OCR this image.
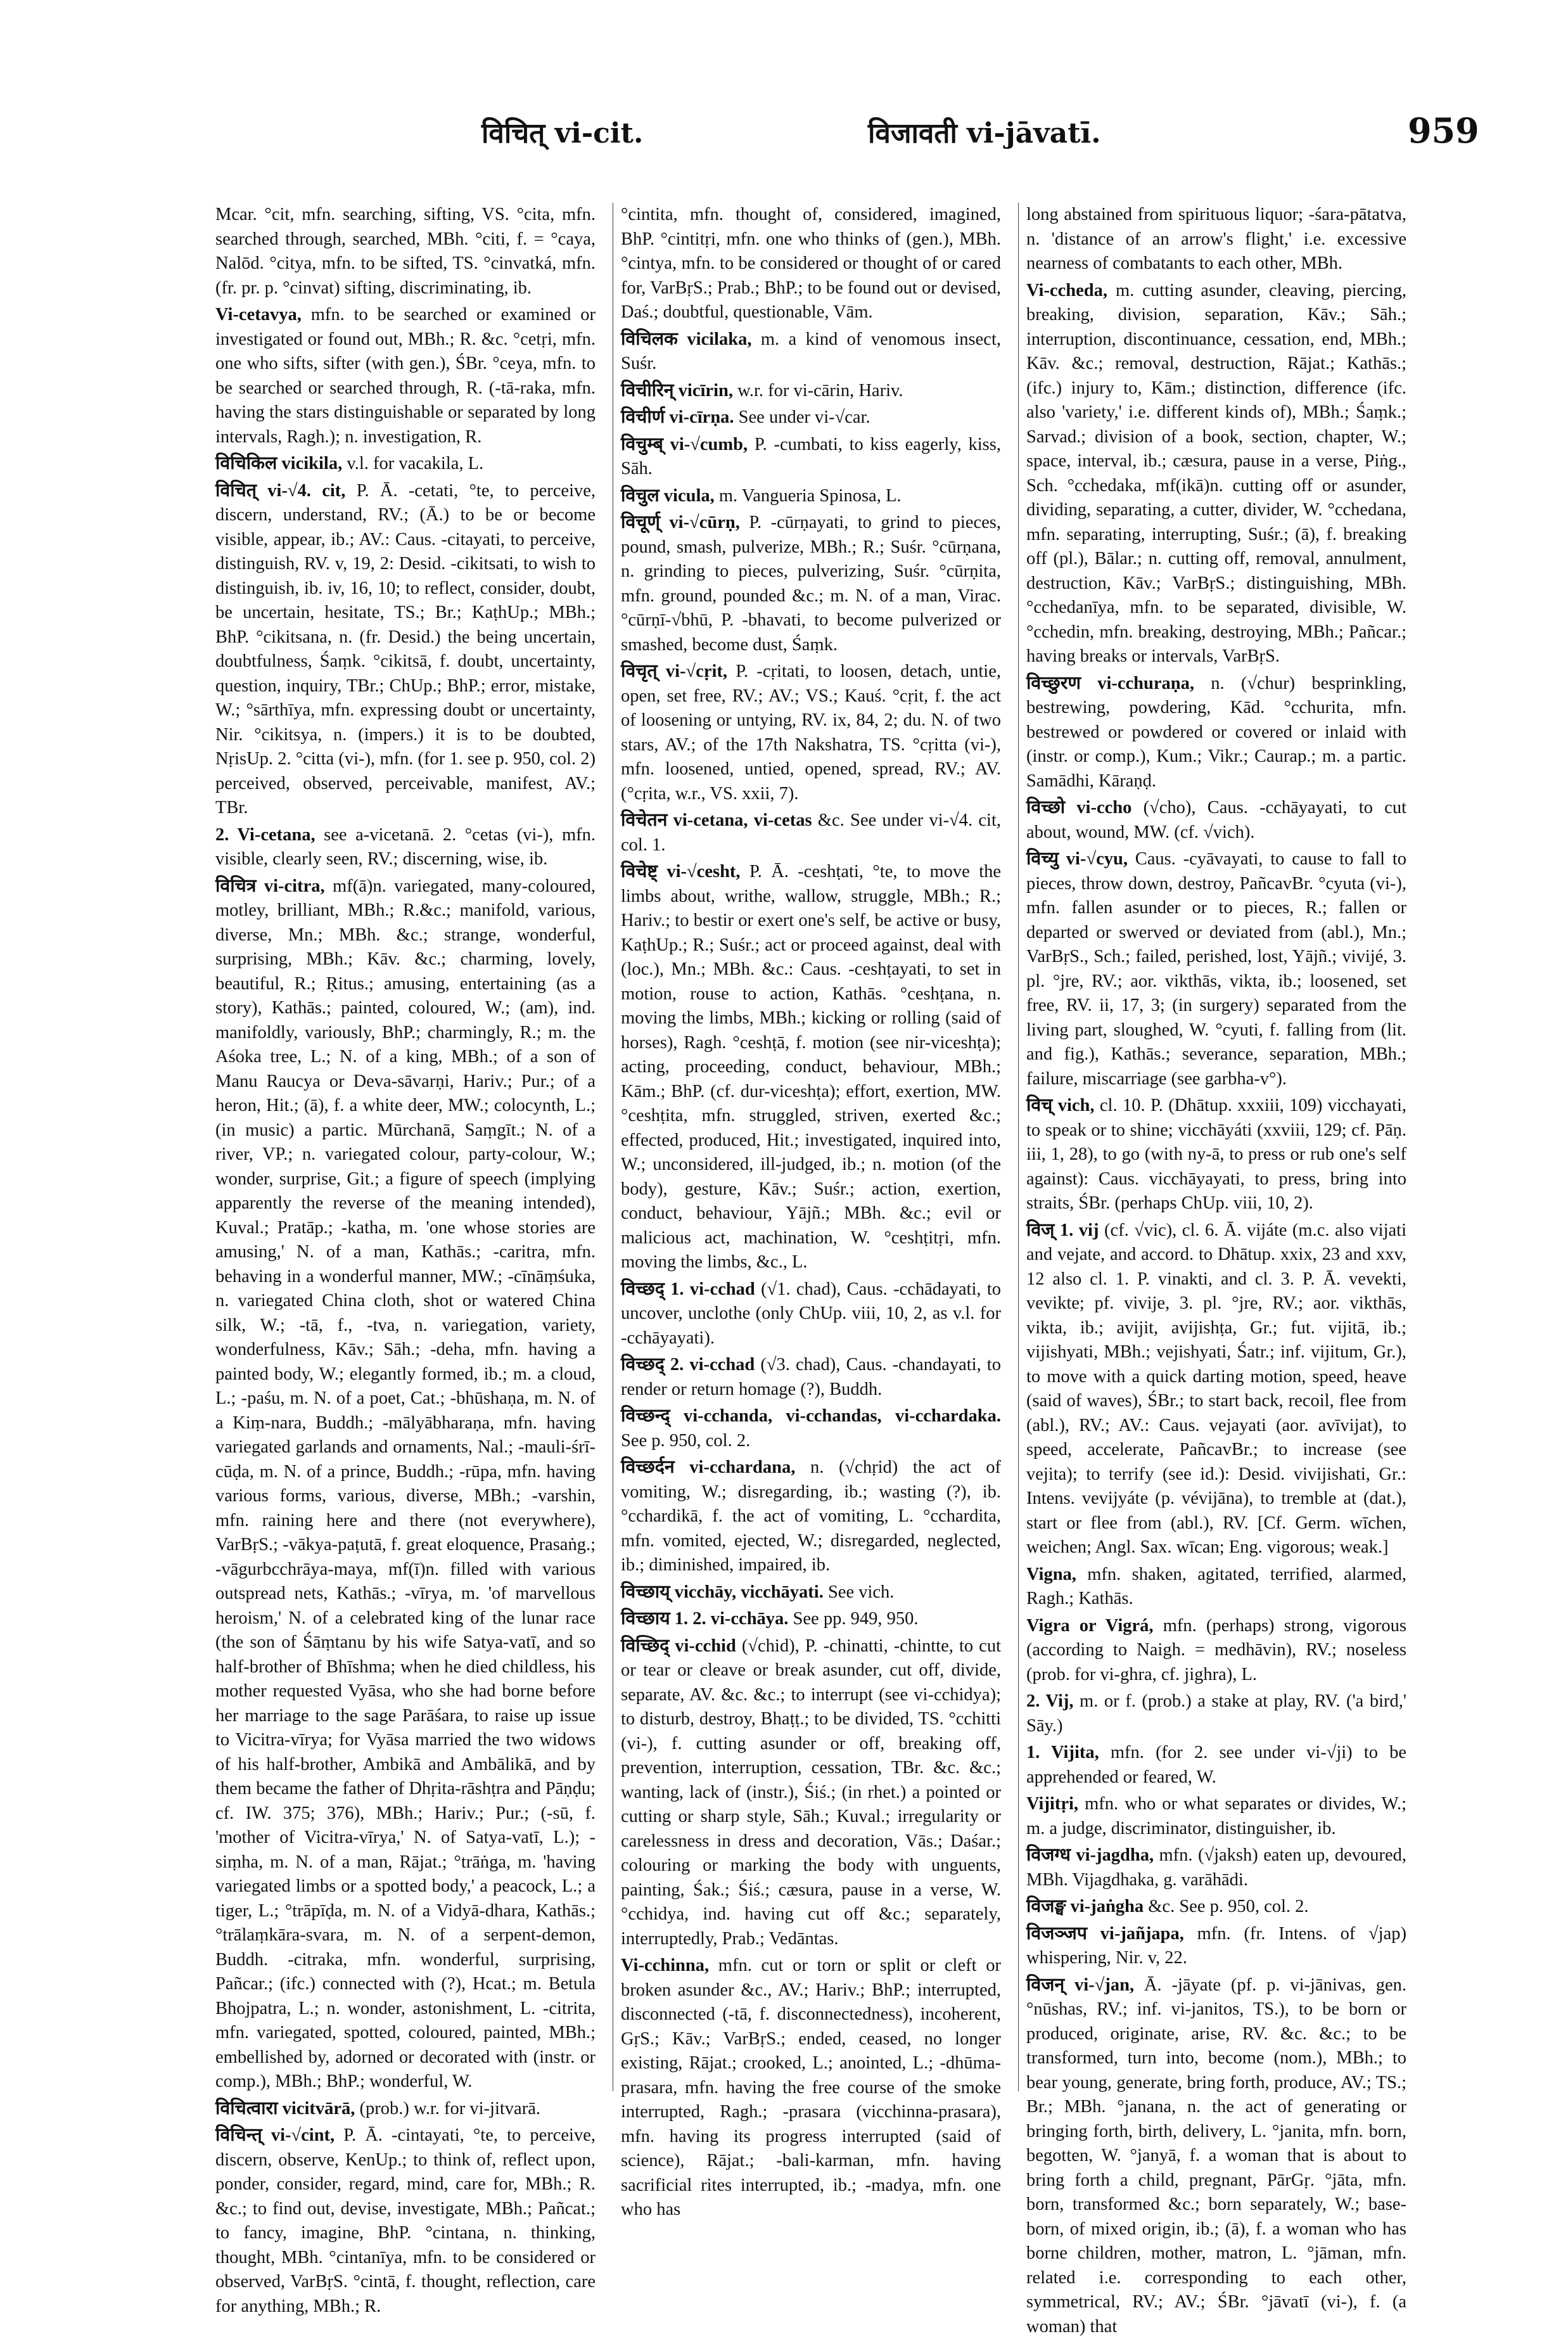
विचित् vi-cit.	विजावती vi-jāvatī.	959

Mcar. °cit, mfn. searching, sifting, VS. °cita, mfn. searched through, searched, MBh. °citi, f. = °caya, Nalōd. °citya, mfn. to be sifted, TS. °cinvatká, mfn. (fr. pr. p. °cinvat) sifting, discriminating, ib.

Vi-cetavya, mfn. to be searched or examined or investigated or found out, MBh.; R. &c. °cetṛi, mfn. one who sifts, sifter (with gen.), ŚBr. °ceya, mfn. to be searched or searched through, R. (-tā-raka, mfn. having the stars distinguishable or separated by long intervals, Ragh.); n. investigation, R.

विचिकिल vicikila, v.l. for vacakila, L.

विचित् vi-√4. cit, P. Ā. -cetati, °te, to perceive, discern, understand, RV.; (Ā.) to be or become visible, appear, ib.; AV.: Caus. -citayati, to perceive, distinguish, RV. v, 19, 2: Desid. -cikitsati, to wish to distinguish, ib. iv, 16, 10; to reflect, consider, doubt, be uncertain, hesitate, TS.; Br.; KaṭhUp.; MBh.; BhP. °cikitsana, n. (fr. Desid.) the being uncertain, doubtfulness, Śaṃk. °cikitsā, f. doubt, uncertainty, question, inquiry, TBr.; ChUp.; BhP.; error, mistake, W.; °sārthīya, mfn. expressing doubt or uncertainty, Nir. °cikitsya, n. (impers.) it is to be doubted, NṛisUp. 2. °citta (vi-), mfn. (for 1. see p. 950, col. 2) perceived, observed, perceivable, manifest, AV.; TBr.

2. Vi-cetana, see a-vicetanā. 2. °cetas (vi-), mfn. visible, clearly seen, RV.; discerning, wise, ib.

विचित्र vi-citra, mf(ā)n. variegated, many-coloured, motley, brilliant, MBh.; R.&c.; manifold, various, diverse, Mn.; MBh. &c.; strange, wonderful, surprising, MBh.; Kāv. &c.; charming, lovely, beautiful, R.; Ṛitus.; amusing, entertaining (as a story), Kathās.; painted, coloured, W.; (am), ind. manifoldly, variously, BhP.; charmingly, R.; m. the Aśoka tree, L.; N. of a king, MBh.; of a son of Manu Raucya or Deva-sāvarṇi, Hariv.; Pur.; of a heron, Hit.; (ā), f. a white deer, MW.; colocynth, L.; (in music) a partic. Mūrchanā, Saṃgīt.; N. of a river, VP.; n. variegated colour, party-colour, W.; wonder, surprise, Git.; a figure of speech (implying apparently the reverse of the meaning intended), Kuval.; Pratāp.; -katha, m. 'one whose stories are amusing,' N. of a man, Kathās.; -caritra, mfn. behaving in a wonderful manner, MW.; -cīnāṃśuka, n. variegated China cloth, shot or watered China silk, W.; -tā, f., -tva, n. variegation, variety, wonderfulness, Kāv.; Sāh.; -deha, mfn. having a painted body, W.; elegantly formed, ib.; m. a cloud, L.; -paśu, m. N. of a poet, Cat.; -bhūshaṇa, m. N. of a Kiṃ-nara, Buddh.; -mālyābharaṇa, mfn. having variegated garlands and ornaments, Nal.; -mauli-śrī-cūḍa, m. N. of a prince, Buddh.; -rūpa, mfn. having various forms, various, diverse, MBh.; -varshin, mfn. raining here and there (not everywhere), VarBṛS.; -vākya-paṭutā, f. great eloquence, Prasaṅg.; -vāgurbcchrāya-maya, mf(ī)n. filled with various outspread nets, Kathās.; -vīrya, m. 'of marvellous heroism,' N. of a celebrated king of the lunar race (the son of Śāṃtanu by his wife Satya-vatī, and so half-brother of Bhīshma; when he died childless, his mother requested Vyāsa, who she had borne before her marriage to the sage Parāśara, to raise up issue to Vicitra-vīrya; for Vyāsa married the two widows of his half-brother, Ambikā and Ambālikā, and by them became the father of Dhṛita-rāshṭra and Pāṇḍu; cf. IW. 375; 376), MBh.; Hariv.; Pur.; (-sū, f. 'mother of Vicitra-vīrya,' N. of Satya-vatī, L.); -siṃha, m. N. of a man, Rājat.; °trāṅga, m. 'having variegated limbs or a spotted body,' a peacock, L.; a tiger, L.; °trāpīḍa, m. N. of a Vidyā-dhara, Kathās.; °trālaṃkāra-svara, m. N. of a serpent-demon, Buddh. -citraka, mfn. wonderful, surprising, Pañcar.; (ifc.) connected with (?), Hcat.; m. Betula Bhojpatra, L.; n. wonder, astonishment, L. -citrita, mfn. variegated, spotted, coloured, painted, MBh.; embellished by, adorned or decorated with (instr. or comp.), MBh.; BhP.; wonderful, W.

विचित्वारा vicitvārā, (prob.) w.r. for vi-jitvarā.

विचिन्त् vi-√cint, P. Ā. -cintayati, °te, to perceive, discern, observe, KenUp.; to think of, reflect upon, ponder, consider, regard, mind, care for, MBh.; R. &c.; to find out, devise, investigate, MBh.; Pañcat.; to fancy, imagine, BhP. °cintana, n. thinking, thought, MBh. °cintanīya, mfn. to be considered or observed, VarBṛS. °cintā, f. thought, reflection, care for anything, MBh.; R.

°cintita, mfn. thought of, considered, imagined, BhP. °cintitṛi, mfn. one who thinks of (gen.), MBh. °cintya, mfn. to be considered or thought of or cared for, VarBṛS.; Prab.; BhP.; to be found out or devised, Daś.; doubtful, questionable, Vām.

विचिलक vicilaka, m. a kind of venomous insect, Suśr.

विचीरिन् vicīrin, w.r. for vi-cārin, Hariv.

विचीर्ण vi-cīrṇa. See under vi-√car.

विचुम्ब् vi-√cumb, P. -cumbati, to kiss eagerly, kiss, Sāh.

विचुल vicula, m. Vangueria Spinosa, L.

विचूर्ण् vi-√cūrṇ, P. -cūrṇayati, to grind to pieces, pound, smash, pulverize, MBh.; R.; Suśr. °cūrṇana, n. grinding to pieces, pulverizing, Suśr. °cūrṇita, mfn. ground, pounded &c.; m. N. of a man, Virac. °cūrṇī-√bhū, P. -bhavati, to become pulverized or smashed, become dust, Śaṃk.

विचृत् vi-√cṛit, P. -cṛitati, to loosen, detach, untie, open, set free, RV.; AV.; VS.; Kauś. °cṛit, f. the act of loosening or untying, RV. ix, 84, 2; du. N. of two stars, AV.; of the 17th Nakshatra, TS. °cṛitta (vi-), mfn. loosened, untied, opened, spread, RV.; AV. (°cṛita, w.r., VS. xxii, 7).

विचेतन vi-cetana, vi-cetas &c. See under vi-√4. cit, col. 1.

विचेष्ट् vi-√cesht, P. Ā. -ceshṭati, °te, to move the limbs about, writhe, wallow, struggle, MBh.; R.; Hariv.; to bestir or exert one's self, be active or busy, KaṭhUp.; R.; Suśr.; act or proceed against, deal with (loc.), Mn.; MBh. &c.: Caus. -ceshṭayati, to set in motion, rouse to action, Kathās. °ceshṭana, n. moving the limbs, MBh.; kicking or rolling (said of horses), Ragh. °ceshṭā, f. motion (see nir-viceshṭa); acting, proceeding, conduct, behaviour, MBh.; Kām.; BhP. (cf. dur-viceshṭa); effort, exertion, MW. °ceshṭita, mfn. struggled, striven, exerted &c.; effected, produced, Hit.; investigated, inquired into, W.; unconsidered, ill-judged, ib.; n. motion (of the body), gesture, Kāv.; Suśr.; action, exertion, conduct, behaviour, Yājñ.; MBh. &c.; evil or malicious act, machination, W. °ceshṭitṛi, mfn. moving the limbs, &c., L.

विच्छद् 1. vi-cchad (√1. chad), Caus. -cchādayati, to uncover, unclothe (only ChUp. viii, 10, 2, as v.l. for -cchāyayati).

विच्छद् 2. vi-cchad (√3. chad), Caus. -chandayati, to render or return homage (?), Buddh.

विच्छन्द् vi-cchanda, vi-cchandas, vi-cchardaka. See p. 950, col. 2.

विच्छर्दन vi-cchardana, n. (√chṛid) the act of vomiting, W.; disregarding, ib.; wasting (?), ib. °cchardikā, f. the act of vomiting, L. °cchardita, mfn. vomited, ejected, W.; disregarded, neglected, ib.; diminished, impaired, ib.

विच्छाय् vicchāy, vicchāyati. See vich.

विच्छाय 1. 2. vi-cchāya. See pp. 949, 950.

विच्छिद् vi-cchid (√chid), P. -chinatti, -chintte, to cut or tear or cleave or break asunder, cut off, divide, separate, AV. &c. &c.; to interrupt (see vi-cchidya); to disturb, destroy, Bhaṭṭ.; to be divided, TS. °cchitti (vi-), f. cutting asunder or off, breaking off, prevention, interruption, cessation, TBr. &c. &c.; wanting, lack of (instr.), Śiś.; (in rhet.) a pointed or cutting or sharp style, Sāh.; Kuval.; irregularity or carelessness in dress and decoration, Vās.; Daśar.; colouring or marking the body with unguents, painting, Śak.; Śiś.; cæsura, pause in a verse, W. °cchidya, ind. having cut off &c.; separately, interruptedly, Prab.; Vedāntas.

Vi-cchinna, mfn. cut or torn or split or cleft or broken asunder &c., AV.; Hariv.; BhP.; interrupted, disconnected (-tā, f. disconnectedness), incoherent, GṛS.; Kāv.; VarBṛS.; ended, ceased, no longer existing, Rājat.; crooked, L.; anointed, L.; -dhūma-prasara, mfn. having the free course of the smoke interrupted, Ragh.; -prasara (vicchinna-prasara), mfn. having its progress interrupted (said of science), Rājat.; -bali-karman, mfn. having sacrificial rites interrupted, ib.; -madya, mfn. one who has

long abstained from spirituous liquor; -śara-pātatva, n. 'distance of an arrow's flight,' i.e. excessive nearness of combatants to each other, MBh.

Vi-ccheda, m. cutting asunder, cleaving, piercing, breaking, division, separation, Kāv.; Sāh.; interruption, discontinuance, cessation, end, MBh.; Kāv. &c.; removal, destruction, Rājat.; Kathās.; (ifc.) injury to, Kām.; distinction, difference (ifc. also 'variety,' i.e. different kinds of), MBh.; Śaṃk.; Sarvad.; division of a book, section, chapter, W.; space, interval, ib.; cæsura, pause in a verse, Piṅg., Sch. °cchedaka, mf(ikā)n. cutting off or asunder, dividing, separating, a cutter, divider, W. °cchedana, mfn. separating, interrupting, Suśr.; (ā), f. breaking off (pl.), Bālar.; n. cutting off, removal, annulment, destruction, Kāv.; VarBṛS.; distinguishing, MBh. °cchedanīya, mfn. to be separated, divisible, W. °cchedin, mfn. breaking, destroying, MBh.; Pañcar.; having breaks or intervals, VarBṛS.

विच्छुरण vi-cchuraṇa, n. (√chur) besprinkling, bestrewing, powdering, Kād. °cchurita, mfn. bestrewed or powdered or covered or inlaid with (instr. or comp.), Kum.; Vikr.; Caurap.; m. a partic. Samādhi, Kāraṇḍ.

विच्छो vi-ccho (√cho), Caus. -cchāyayati, to cut about, wound, MW. (cf. √vich).

विच्यु vi-√cyu, Caus. -cyāvayati, to cause to fall to pieces, throw down, destroy, PañcavBr. °cyuta (vi-), mfn. fallen asunder or to pieces, R.; fallen or departed or swerved or deviated from (abl.), Mn.; VarBṛS., Sch.; failed, perished, lost, Yājñ.; vivijé, 3. pl. °jre, RV.; aor. vikthās, vikta, ib.; loosened, set free, RV. ii, 17, 3; (in surgery) separated from the living part, sloughed, W. °cyuti, f. falling from (lit. and fig.), Kathās.; severance, separation, MBh.; failure, miscarriage (see garbha-v°).

विच् vich, cl. 10. P. (Dhātup. xxxiii, 109) vicchayati, to speak or to shine; vicchāyáti (xxviii, 129; cf. Pāṇ. iii, 1, 28), to go (with ny-ā, to press or rub one's self against): Caus. vicchāyayati, to press, bring into straits, ŚBr. (perhaps ChUp. viii, 10, 2).

विज् 1. vij (cf. √vic), cl. 6. Ā. vijáte (m.c. also vijati and vejate, and accord. to Dhātup. xxix, 23 and xxv, 12 also cl. 1. P. vinakti, and cl. 3. P. Ā. vevekti, vevikte; pf. vivije, 3. pl. °jre, RV.; aor. vikthās, vikta, ib.; avijit, avijishṭa, Gr.; fut. vijitā, ib.; vijishyati, MBh.; vejishyati, Śatr.; inf. vijitum, Gr.), to move with a quick darting motion, speed, heave (said of waves), ŚBr.; to start back, recoil, flee from (abl.), RV.; AV.: Caus. vejayati (aor. avīvijat), to speed, accelerate, PañcavBr.; to increase (see vejita); to terrify (see id.): Desid. vivijishati, Gr.: Intens. vevijyáte (p. vévijāna), to tremble at (dat.), start or flee from (abl.), RV. [Cf. Germ. wīchen, weichen; Angl. Sax. wīcan; Eng. vigorous; weak.]

Vigna, mfn. shaken, agitated, terrified, alarmed, Ragh.; Kathās.

Vigra or Vigrá, mfn. (perhaps) strong, vigorous (according to Naigh. = medhāvin), RV.; noseless (prob. for vi-ghra, cf. jighra), L.

2. Vij, m. or f. (prob.) a stake at play, RV. ('a bird,' Sāy.)

1. Vijita, mfn. (for 2. see under vi-√ji) to be apprehended or feared, W.

Vijitṛi, mfn. who or what separates or divides, W.; m. a judge, discriminator, distinguisher, ib.

विजग्ध vi-jagdha, mfn. (√jaksh) eaten up, devoured, MBh. Vijagdhaka, g. varāhādi.

विजङ्घ vi-jaṅgha &c. See p. 950, col. 2.

विजञ्जप vi-jañjapa, mfn. (fr. Intens. of √jap) whispering, Nir. v, 22.

विजन् vi-√jan, Ā. -jāyate (pf. p. vi-jānivas, gen. °nūshas, RV.; inf. vi-janitos, TS.), to be born or produced, originate, arise, RV. &c. &c.; to be transformed, turn into, become (nom.), MBh.; to bear young, generate, bring forth, produce, AV.; TS.; Br.; MBh. °janana, n. the act of generating or bringing forth, birth, delivery, L. °janita, mfn. born, begotten, W. °janyā, f. a woman that is about to bring forth a child, pregnant, PārGṛ. °jāta, mfn. born, transformed &c.; born separately, W.; base-born, of mixed origin, ib.; (ā), f. a woman who has borne children, mother, matron, L. °jāman, mfn. related i.e. corresponding to each other, symmetrical, RV.; AV.; ŚBr. °jāvatī (vi-), f. (a woman) that
